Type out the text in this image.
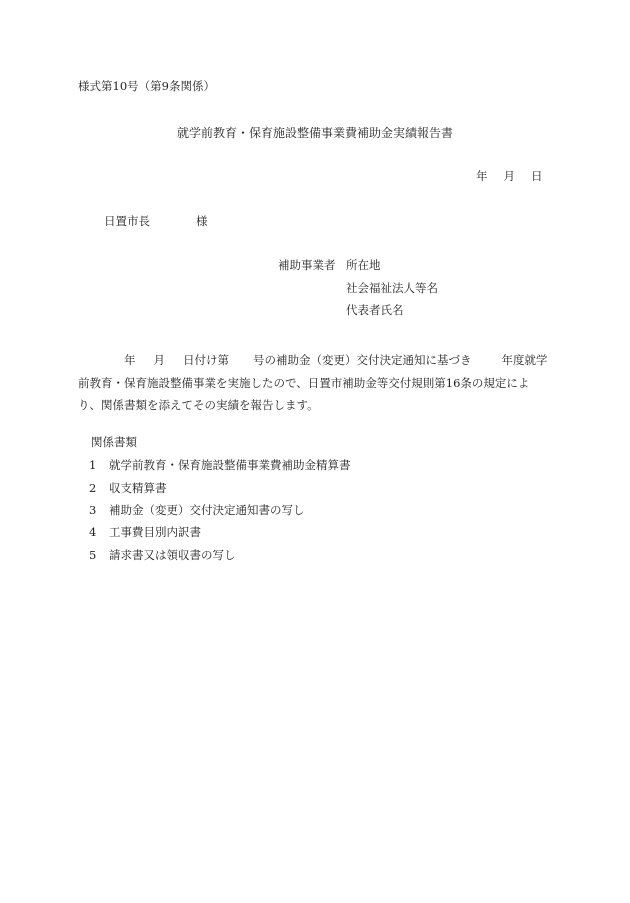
様式第10号（第9条関係）
就学前教育・保育施設整備事業費補助金実績報告書
年 月 日
日置市長	様
補助事業者 所在地
社会福祉法人等名
代表者氏名
年 月 日付け第 号の補助金（変更）交付決定通知に基づき	年度就学前教育・保育施設整備事業を実施したので、日置市補助金等交付規則第16条の規定により、関係書類を添えてその実績を報告します。
関係書類
1 就学前教育・保育施設整備事業費補助金精算書
2 収支精算書
3 補助金（変更）交付決定通知書の写し
4 工事費目別内訳書
5 請求書又は領収書の写し
